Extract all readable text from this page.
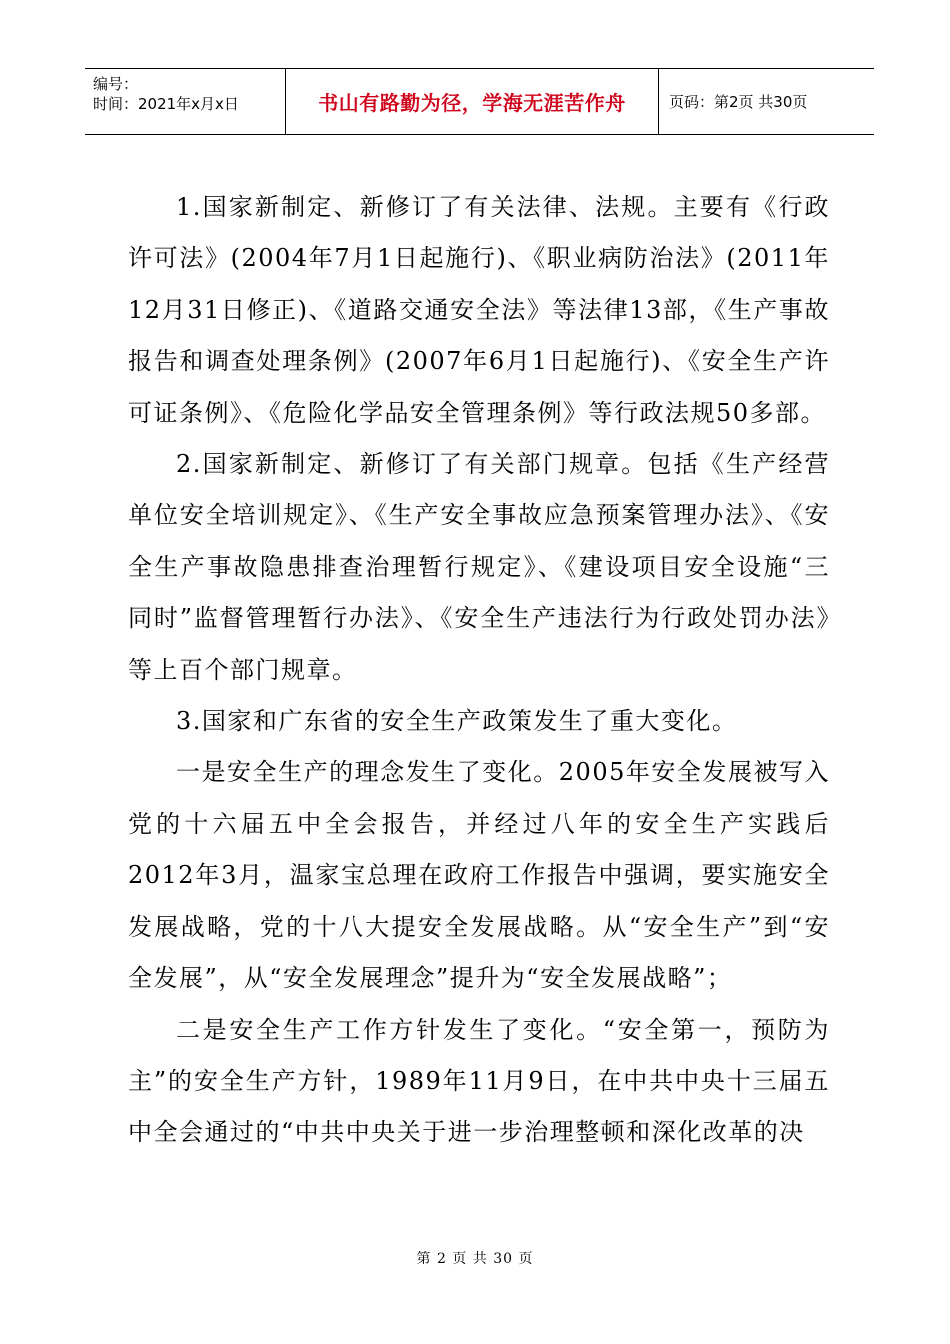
编号：
时间：2021年x月x日	书山有路勤为径，学海无涯苦作舟	页码：第2页 共30页

1.国家新制定、新修订了有关法律、法规。主要有《行政许可法》(2004年7月1日起施行)、《职业病防治法》(2011年12月31日修正)、《道路交通安全法》等法律13部，《生产事故报告和调查处理条例》(2007年6月1日起施行)、《安全生产许可证条例》、《危险化学品安全管理条例》等行政法规50多部。

2.国家新制定、新修订了有关部门规章。包括《生产经营单位安全培训规定》、《生产安全事故应急预案管理办法》、《安全生产事故隐患排查治理暂行规定》、《建设项目安全设施“三同时”监督管理暂行办法》、《安全生产违法行为行政处罚办法》等上百个部门规章。

3.国家和广东省的安全生产政策发生了重大变化。

一是安全生产的理念发生了变化。2005年安全发展被写入党的十六届五中全会报告，并经过八年的安全生产实践后2012年3月，温家宝总理在政府工作报告中强调，要实施安全发展战略，党的十八大提安全发展战略。从“安全生产”到“安全发展”，从“安全发展理念”提升为“安全发展战略”；

二是安全生产工作方针发生了变化。“安全第一，预防为主”的安全生产方针，1989年11月9日，在中共中央十三届五中全会通过的“中共中央关于进一步治理整顿和深化改革的决

第 2 页 共 30 页
